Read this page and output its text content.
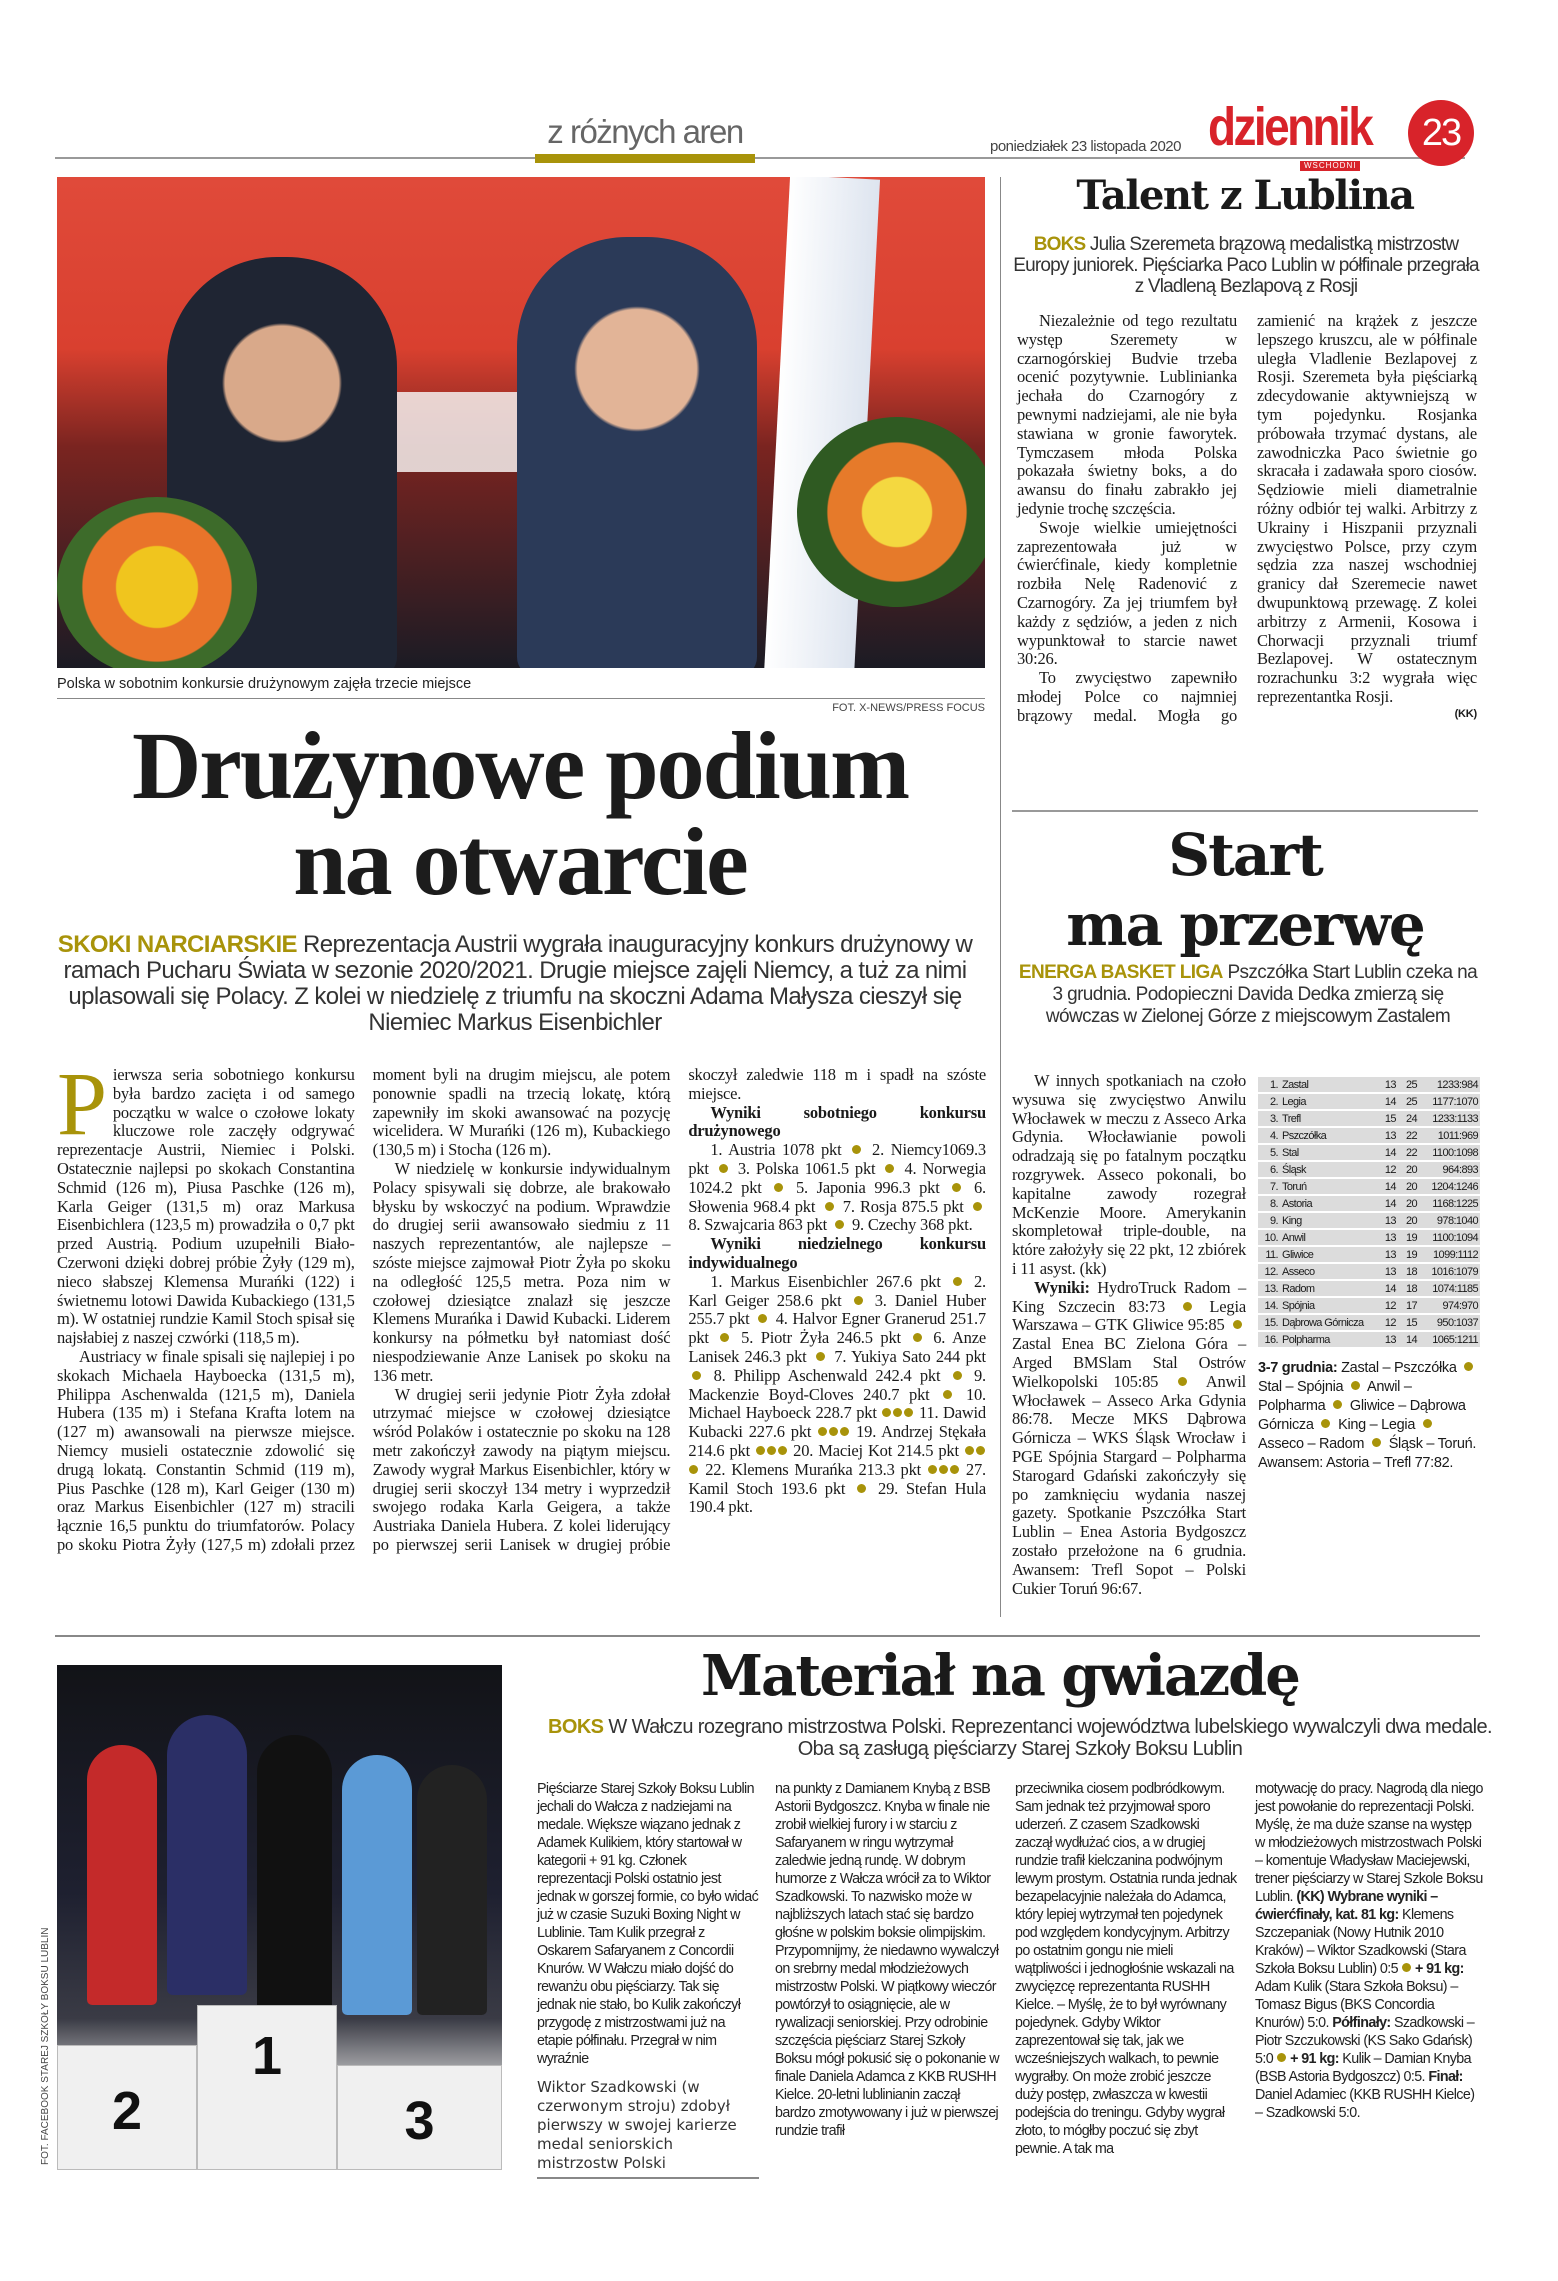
z różnych aren	poniedziałek 23 listopada 2020 dziennik
WSCHODNI
23
Polska w sobotnim konkursie drużynowym zajęła trzecie miejsce
FOT. X-NEWS/PRESS FOCUS
Drużynowe podium
na otwarcie
SKOKI NARCIARSKIE Reprezentacja Austrii wygrała inauguracyjny konkurs drużynowy w ramach Pucharu Świata w sezonie 2020/2021. Drugie miejsce zajęli Niemcy, a tuż za nimi uplasowali się Polacy. Z kolei w niedzielę z triumfu na skoczni Adama Małysza cieszył się Niemiec Markus Eisenbichler

Pierwsza seria sobotniego konkursu była bardzo zacięta i od samego początku w walce o czołowe lokaty kluczowe role zaczęły odgrywać reprezentacje Austrii, Niemiec i Polski. Ostatecznie najlepsi po skokach Constantina Schmid (126 m), Piusa Paschke (126 m), Karla Geiger (131,5 m) oraz Markusa Eisenbichlera (123,5 m) prowadziła o 0,7 pkt przed Austrią. Podium uzupełnili Biało-Czerwoni dzięki dobrej próbie Żyły (129 m), nieco słabszej Klemensa Murańki (122) i świetnemu lotowi Dawida Kubackiego (131,5 m). W ostatniej rundzie Kamil Stoch spisał się najsłabiej z naszej czwórki (118,5 m).

Austriacy w finale spisali się najlepiej i po skokach Michaela Hayboecka (131,5 m), Philippa Aschenwalda (121,5 m), Daniela Hubera (135 m) i Stefana Krafta lotem na (127 m) awansowali na pierwsze miejsce. Niemcy musieli ostatecznie zdowolić się drugą lokatą. Constantin Schmid (119 m), Pius Paschke (128 m), Karl Geiger (130 m) oraz Markus Eisenbichler (127 m) stracili łącznie 16,5 punktu do triumfatorów. Polacy po skoku Piotra Żyły (127,5 m) zdołali przez moment byli na drugim miejscu, ale potem ponownie spadli na trzecią lokatę, którą zapewniły im skoki awansować na pozycję wicelidera. W Murańki (126 m), Kubackiego (130,5 m) i Stocha (126 m).

W niedzielę w konkursie indywidualnym Polacy spisywali się dobrze, ale brakowało błysku by wskoczyć na podium. Wprawdzie do drugiej serii awansowało siedmiu z 11 naszych reprezentantów, ale najlepsze – szóste miejsce zajmował Piotr Żyła po skoku na odległość 125,5 metra. Poza nim w czołowej dziesiątce znalazł się jeszcze Klemens Murańka i Dawid Kubacki. Liderem konkursy na półmetku był natomiast dość niespodziewanie Anze Lanisek po skoku na 136 metr.

W drugiej serii jedynie Piotr Żyła zdołał utrzymać miejsce w czołowej dziesiątce wśród Polaków i ostatecznie po skoku na 128 metr zakończył zawody na piątym miejscu. Zawody wygrał Markus Eisenbichler, który w drugiej serii skoczył 134 metry i wyprzedził swojego rodaka Karla Geigera, a także Austriaka Daniela Hubera. Z kolei liderujący po pierwszej serii Lanisek w drugiej próbie skoczył zaledwie 118 m i spadł na szóste miejsce.

Wyniki sobotniego konkursu drużynowego

1. Austria 1078 pkt 2. Niemcy1069.3 pkt 3. Polska 1061.5 pkt 4. Norwegia 1024.2 pkt 5. Japonia 996.3 pkt 6. Słowenia 968.4 pkt 7. Rosja 875.5 pkt  8. Szwajcaria 863 pkt 9. Czechy 368 pkt.

Wyniki niedzielnego konkursu indywidualnego

1. Markus Eisenbichler 267.6 pkt 2. Karl Geiger 258.6 pkt 3. Daniel Huber 255.7 pkt 4. Halvor Egner Granerud 251.7 pkt 5. Piotr Żyła 246.5 pkt 6. Anze Lanisek 246.3 pkt 7. Yukiya Sato 244 pkt  8. Philipp Aschenwald 242.4 pkt 9. Mackenzie Boyd-Cloves 240.7 pkt 10. Michael Hayboeck 228.7 pkt	11. Dawid Kubacki 227.6 pkt	19. Andrzej Stękała 214.6 pkt	20. Maciej Kot 214.5 pkt  22. Klemens Murańka 213.3 pkt	27. Kamil Stoch 193.6 pkt 29. Stefan Hula 190.4 pkt.

Talent z Lublina
BOKS Julia Szeremeta brązową medalistką mistrzostw Europy juniorek. Pięściarka Paco Lublin w półfinale przegrała z Vladleną Bezlapovą z Rosji

Niezależnie od tego rezultatu występ Szeremety w czarnogórskiej Budvie trzeba ocenić pozytywnie. Lublinianka jechała do Czarnogóry z pewnymi nadziejami, ale nie była stawiana w gronie faworytek. Tymczasem młoda Polska pokazała świetny boks, a do awansu do finału zabrakło jej jedynie trochę szczęścia.

Swoje wielkie umiejętności zaprezentowała już w ćwierćfinale, kiedy kompletnie rozbiła Nelę Radenović z Czarnogóry. Za jej triumfem był każdy z sędziów, a jeden z nich wypunktował to starcie nawet 30:26.

To zwycięstwo zapewniło młodej Polce co najmniej brązowy medal. Mogła go zamienić na krążek z jeszcze lepszego kruszcu, ale w półfinale uległa Vladlenie Bezlapovej z Rosji. Szeremeta była pięściarką zdecydowanie aktywniejszą w tym pojedynku. Rosjanka próbowała trzymać dystans, ale zawodniczka Paco świetnie go skracała i zadawała sporo ciosów. Sędziowie mieli diametralnie różny odbiór tej walki. Arbitrzy z Ukrainy i Hiszpanii przyznali zwycięstwo Polsce, przy czym sędzia zza naszej wschodniej granicy dał Szeremecie nawet dwupunktową przewagę. Z kolei arbitrzy z Armenii, Kosowa i Chorwacji przyznali triumf Bezlapovej. W ostatecznym rozrachunku 3:2 wygrała więc reprezentantka Rosji.

(KK)

Start
ma przerwę
ENERGA BASKET LIGA Pszczółka Start Lublin czeka na 3 grudnia. Podopieczni Davida Dedka zmierzą się wówczas w Zielonej Górze z miejscowym Zastalem

W innych spotkaniach na czoło wysuwa się zwycięstwo Anwilu Włocławek w meczu z Asseco Arka Gdynia. Włocławianie powoli odradzają się po fatalnym początku rozgrywek. Asseco pokonali, bo kapitalne zawody rozegrał McKenzie Moore. Amerykanin skompletował triple-double, na które założyły się 22 pkt, 12 zbiórek i 11 asyst. (kk)

Wyniki: HydroTruck Radom – King Szczecin 83:73	Legia Warszawa – GTK Gliwice 95:85  Zastal Enea BC Zielona Góra – Arged BMSlam Stal Ostrów Wielkopolski 105:85	Anwil Włocławek – Asseco Arka Gdynia 86:78. Mecze MKS Dąbrowa Górnicza – WKS Śląsk Wrocław i PGE Spójnia Stargard – Polpharma Starogard Gdański zakończyły się po zamknięciu wydania naszej gazety. Spotkanie Pszczółka Start Lublin – Enea Astoria Bydgoszcz zostało przełożone na 6 grudnia. Awansem: Trefl Sopot – Polski Cukier Toruń 96:67.

1.	Zastal	13	25	1233:984
2.	Legia	14	25	1177:1070
3.	Trefl	15	24	1233:1133
4.	Pszczółka	13	22	1011:969
5.	Stal	14	22	1100:1098
6.	Śląsk	12	20	964:893
7.	Toruń	14	20	1204:1246
8.	Astoria	14	20	1168:1225
9.	King	13	20	978:1040
10.	Anwil	13	19	1100:1094
11.	Gliwice	13	19	1099:1112
12.	Asseco	13	18	1016:1079
13.	Radom	14	18	1074:1185
14.	Spójnia	12	17	974:970
15.	Dąbrowa Górnicza	12	15	950:1037
16.	Polpharma	13	14	1065:1211
3-7 grudnia: Zastal – Pszczółka  Stal – Spójnia Anwil – Polpharma Gliwice – Dąbrowa Górnicza King – Legia  Asseco – Radom Śląsk – Toruń. Awansem: Astoria – Trefl 77:82.
2
1
3
FOT. FACEBOOK STAREJ SZKOŁY BOKSU LUBLIN
Materiał na gwiazdę
BOKS W Wałczu rozegrano mistrzostwa Polski. Reprezentanci województwa lubelskiego wywalczyli dwa medale. Oba są zasługą pięściarzy Starej Szkoły Boksu Lublin
Pięściarze Starej Szkoły Boksu Lublin jechali do Wałcza z nadziejami na medale. Większe wiązano jednak z Adamek Kulikiem, który startował w kategorii + 91 kg. Członek reprezentacji Polski ostatnio jest jednak w gorszej formie, co było widać już w czasie Suzuki Boxing Night w Lublinie. Tam Kulik przegrał z Oskarem Safaryanem z Concordii Knurów. W Wałczu miało dojść do rewanżu obu pięściarzy. Tak się jednak nie stało, bo Kulik zakończył przygodę z mistrzostwami już na etapie półfinału. Przegrał w nim wyraźnie
Wiktor Szadkowski (w czerwonym stroju) zdobył pierwszy w swojej karierze medal seniorskich mistrzostw Polski
na punkty z Damianem Knybą z BSB Astorii Bydgoszcz. Knyba w finale nie zrobił wielkiej furory i w starciu z Safaryanem w ringu wytrzymał zaledwie jedną rundę. W dobrym humorze z Wałcza wrócił za to Wiktor Szadkowski. To nazwisko może w najbliższych latach stać się bardzo głośne w polskim boksie olimpijskim. Przypomnijmy, że niedawno wywalczył on srebrny medal młodzieżowych mistrzostw Polski. W piątkowy wieczór powtórzył to osiągnięcie, ale w rywalizacji seniorskiej. Przy odrobinie szczęścia pięściarz Starej Szkoły Boksu mógł pokusić się o pokonanie w finale Daniela Adamca z KKB RUSHH Kielce. 20-letni lublinianin zaczął bardzo zmotywowany i już w pierwszej rundzie trafił
przeciwnika ciosem podbródkowym. Sam jednak też przyjmował sporo uderzeń. Z czasem Szadkowski zaczął wydłużać cios, a w drugiej rundzie trafił kielczanina podwójnym lewym prostym. Ostatnia runda jednak bezapelacyjnie należała do Adamca, który lepiej wytrzymał ten pojedynek pod względem kondycyjnym. Arbitrzy po ostatnim gongu nie mieli wątpliwości i jednogłośnie wskazali na zwycięzcę reprezentanta RUSHH Kielce. – Myślę, że to był wyrównany pojedynek. Gdyby Wiktor zaprezentował się tak, jak we wcześniejszych walkach, to pewnie wygrałby. On może zrobić jeszcze duży postęp, zwłaszcza w kwestii podejścia do treningu. Gdyby wygrał złoto, to mógłby poczuć się zbyt pewnie. A tak ma
motywację do pracy. Nagrodą dla niego jest powołanie do reprezentacji Polski. Myślę, że ma duże szanse na występ w młodzieżowych mistrzostwach Polski – komentuje Władysław Maciejewski, trener pięściarzy w Starej Szkole Boksu Lublin. (KK) Wybrane wyniki – ćwierćfinały, kat. 81 kg: Klemens Szczepaniak (Nowy Hutnik 2010 Kraków) – Wiktor Szadkowski (Stara Szkoła Boksu Lublin) 0:5 + 91 kg: Adam Kulik (Stara Szkoła Boksu) – Tomasz Bigus (BKS Concordia Knurów) 5:0. Półfinały: Szadkowski – Piotr Szczukowski (KS Sako Gdańsk) 5:0 + 91 kg: Kulik – Damian Knyba (BSB Astoria Bydgoszcz) 0:5. Finał: Daniel Adamiec (KKB RUSHH Kielce) – Szadkowski 5:0.
